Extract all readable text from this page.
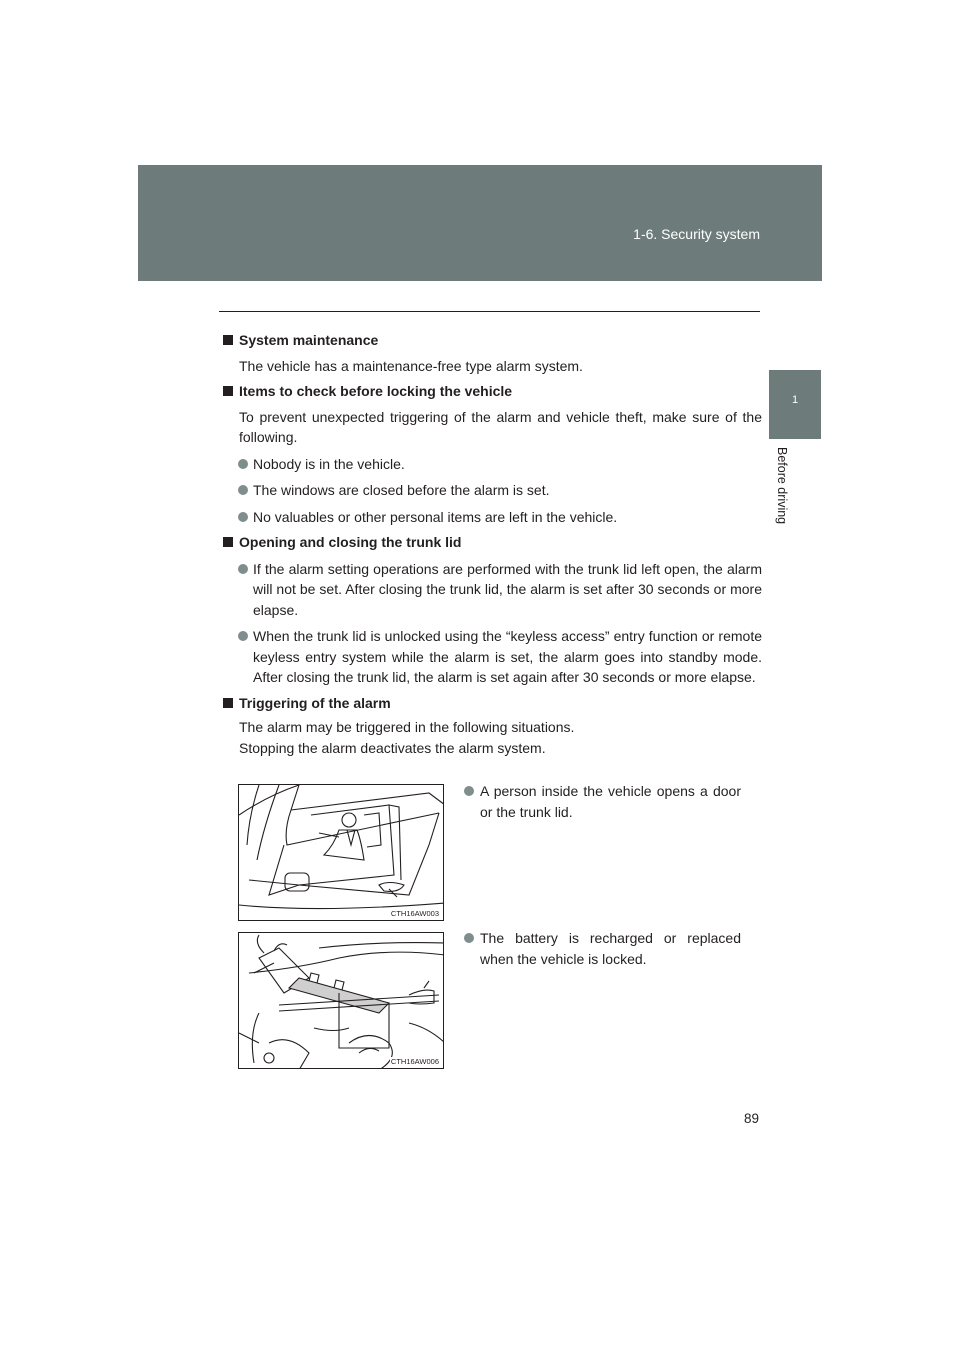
1-6. Security system
1
Before driving
System maintenance
The vehicle has a maintenance-free type alarm system.
Items to check before locking the vehicle
To prevent unexpected triggering of the alarm and vehicle theft, make sure of the following.
Nobody is in the vehicle.
The windows are closed before the alarm is set.
No valuables or other personal items are left in the vehicle.
Opening and closing the trunk lid
If the alarm setting operations are performed with the trunk lid left open, the alarm will not be set. After closing the trunk lid, the alarm is set after 30 seconds or more elapse.
When the trunk lid is unlocked using the “keyless access” entry function or remote keyless entry system while the alarm is set, the alarm goes into standby mode. After closing the trunk lid, the alarm is set again after 30 seconds or more elapse.
Triggering of the alarm
The alarm may be triggered in the following situations.
Stopping the alarm deactivates the alarm system.
CTH16AW003
A person inside the vehicle opens a door or the trunk lid.
CTH16AW006
The battery is recharged or replaced when the vehicle is locked.
89
